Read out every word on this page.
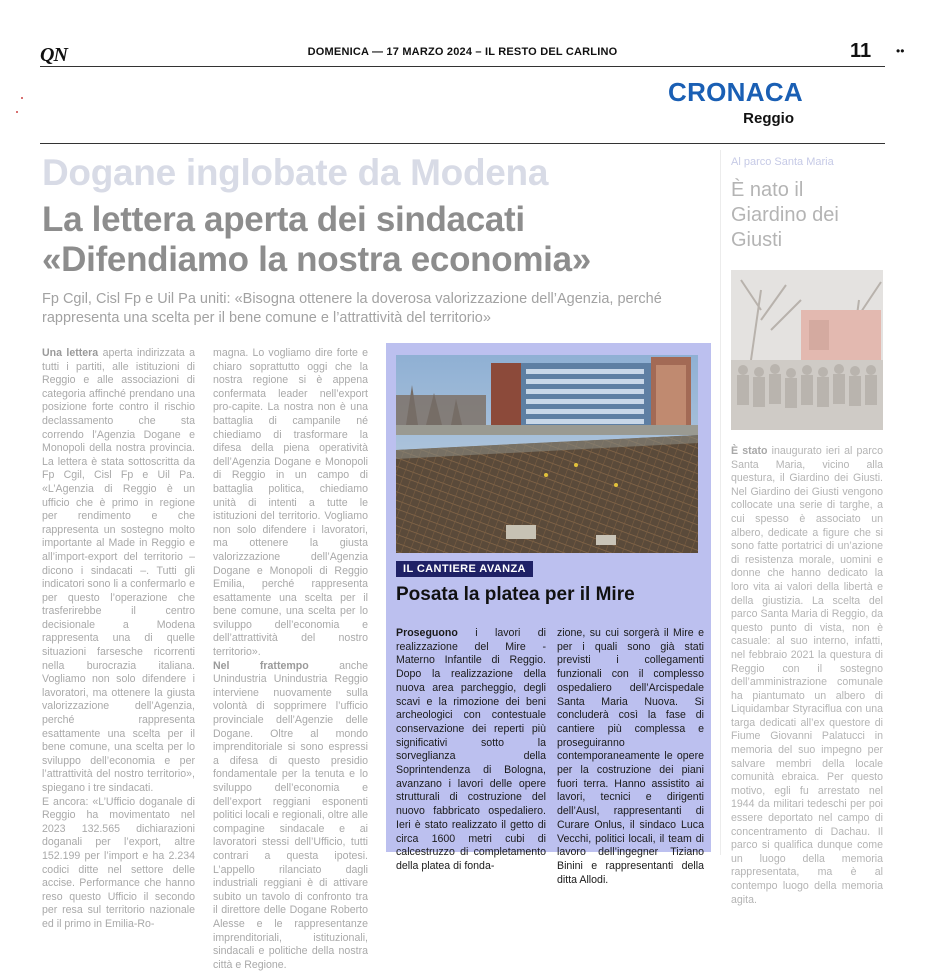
QN	DOMENICA — 17 MARZO 2024 – IL RESTO DEL CARLINO	11 ••
CRONACA
Reggio
Dogane inglobate da Modena
La lettera aperta dei sindacati
«Difendiamo la nostra economia»
Fp Cgil, Cisl Fp e Uil Pa uniti: «Bisogna ottenere la doverosa valorizzazione dell’Agenzia, perché rappresenta una scelta per il bene comune e l’attrattività del territorio»
Una lettera aperta indirizzata a tutti i partiti, alle istituzioni di Reggio e alle associazioni di categoria affinché prendano una posizione forte contro il rischio declassamento che sta correndo l’Agenzia Dogane e Monopoli della nostra provincia. La lettera è stata sottoscritta da Fp Cgil, Cisl Fp e Uil Pa. «L’Agenzia di Reggio è un ufficio che è primo in regione per rendimento e che rappresenta un sostegno molto importante al Made in Reggio e all’import-export del territorio – dicono i sindacati –. Tutti gli indicatori sono li a confermarlo e per questo l’operazione che trasferirebbe il centro decisionale a Modena rappresenta una di quelle situazioni farsesche ricorrenti nella burocrazia italiana. Vogliamo non solo difendere i lavoratori, ma ottenere la giusta valorizzazione dell’Agenzia, perché rappresenta esattamente una scelta per il bene comune, una scelta per lo sviluppo dell’economia e per l’attrattività del nostro territorio», spiegano i tre sindacati.
E ancora: «L’Ufficio doganale di Reggio ha movimentato nel 2023 132.565 dichiarazioni doganali per l’export, altre 152.199 per l’import e ha 2.234 codici ditte nel settore delle accise. Performance che hanno reso questo Ufficio il secondo per resa sul territorio nazionale ed il primo in Emilia-Ro-
magna. Lo vogliamo dire forte e chiaro soprattutto oggi che la nostra regione si è appena confermata leader nell’export pro-capite. La nostra non è una battaglia di campanile né chiediamo di trasformare la difesa della piena operatività dell’Agenzia Dogane e Monopoli di Reggio in un campo di battaglia politica, chiediamo unità di intenti a tutte le istituzioni del territorio. Vogliamo non solo difendere i lavoratori, ma ottenere la giusta valorizzazione dell’Agenzia Dogane e Monopoli di Reggio Emilia, perché rappresenta esattamente una scelta per il bene comune, una scelta per lo sviluppo dell’economia e dell’attrattività del nostro territorio».
Nel frattempo anche Unindustria Unindustria Reggio interviene nuovamente sulla volontà di sopprimere l’ufficio provinciale dell’Agenzie delle Dogane. Oltre al mondo imprenditoriale si sono espressi a difesa di questo presidio fondamentale per la tenuta e lo sviluppo dell’economia e dell’export reggiani esponenti politici locali e regionali, oltre alle compagine sindacale e ai lavoratori stessi dell’Ufficio, tutti contrari a questa ipotesi. L’appello rilanciato dagli industriali reggiani è di attivare subito un tavolo di confronto tra il direttore delle Dogane Roberto Alesse e le rappresentanze imprenditoriali, istituzionali, sindacali e politiche della nostra città e Regione.
IL CANTIERE AVANZA
Posata la platea per il Mire
Proseguono i lavori di realizzazione del Mire - Materno Infantile di Reggio. Dopo la realizzazione della nuova area parcheggio, degli scavi e la rimozione dei beni archeologici con contestuale conservazione dei reperti più significativi sotto la sorveglianza della Soprintendenza di Bologna, avanzano i lavori delle opere strutturali di costruzione del nuovo fabbricato ospedaliero. Ieri è stato realizzato il getto di circa 1600 metri cubi di calcestruzzo di completamento della platea di fonda-
zione, su cui sorgerà il Mire e per i quali sono già stati previsti i collegamenti funzionali con il complesso ospedaliero dell’Arcispedale Santa Maria Nuova. Si concluderà così la fase di cantiere più complessa e proseguiranno contemporaneamente le opere per la costruzione dei piani fuori terra. Hanno assistito ai lavori, tecnici e dirigenti dell’Ausl, rappresentanti di Curare Onlus, il sindaco Luca Vecchi, politici locali, il team di lavoro dell’ingegner Tiziano Binini e rappresentanti della ditta Allodi.
Al parco Santa Maria
È nato il Giardino dei Giusti
È stato inaugurato ieri al parco Santa Maria, vicino alla questura, il Giardino dei Giusti. Nel Giardino dei Giusti vengono collocate una serie di targhe, a cui spesso è associato un albero, dedicate a figure che si sono fatte portatrici di un’azione di resistenza morale, uomini e donne che hanno dedicato la loro vita ai valori della libertà e della giustizia. La scelta del parco Santa Maria di Reggio, da questo punto di vista, non è casuale: al suo interno, infatti, nel febbraio 2021 la questura di Reggio con il sostegno dell’amministrazione comunale ha piantumato un albero di Liquidambar Styraciflua con una targa dedicati all’ex questore di Fiume Giovanni Palatucci in memoria del suo impegno per salvare membri della locale comunità ebraica. Per questo motivo, egli fu arrestato nel 1944 da militari tedeschi per poi essere deportato nel campo di concentramento di Dachau. Il parco si qualifica dunque come un luogo della memoria rappresentata, ma è al contempo luogo della memoria agita.
